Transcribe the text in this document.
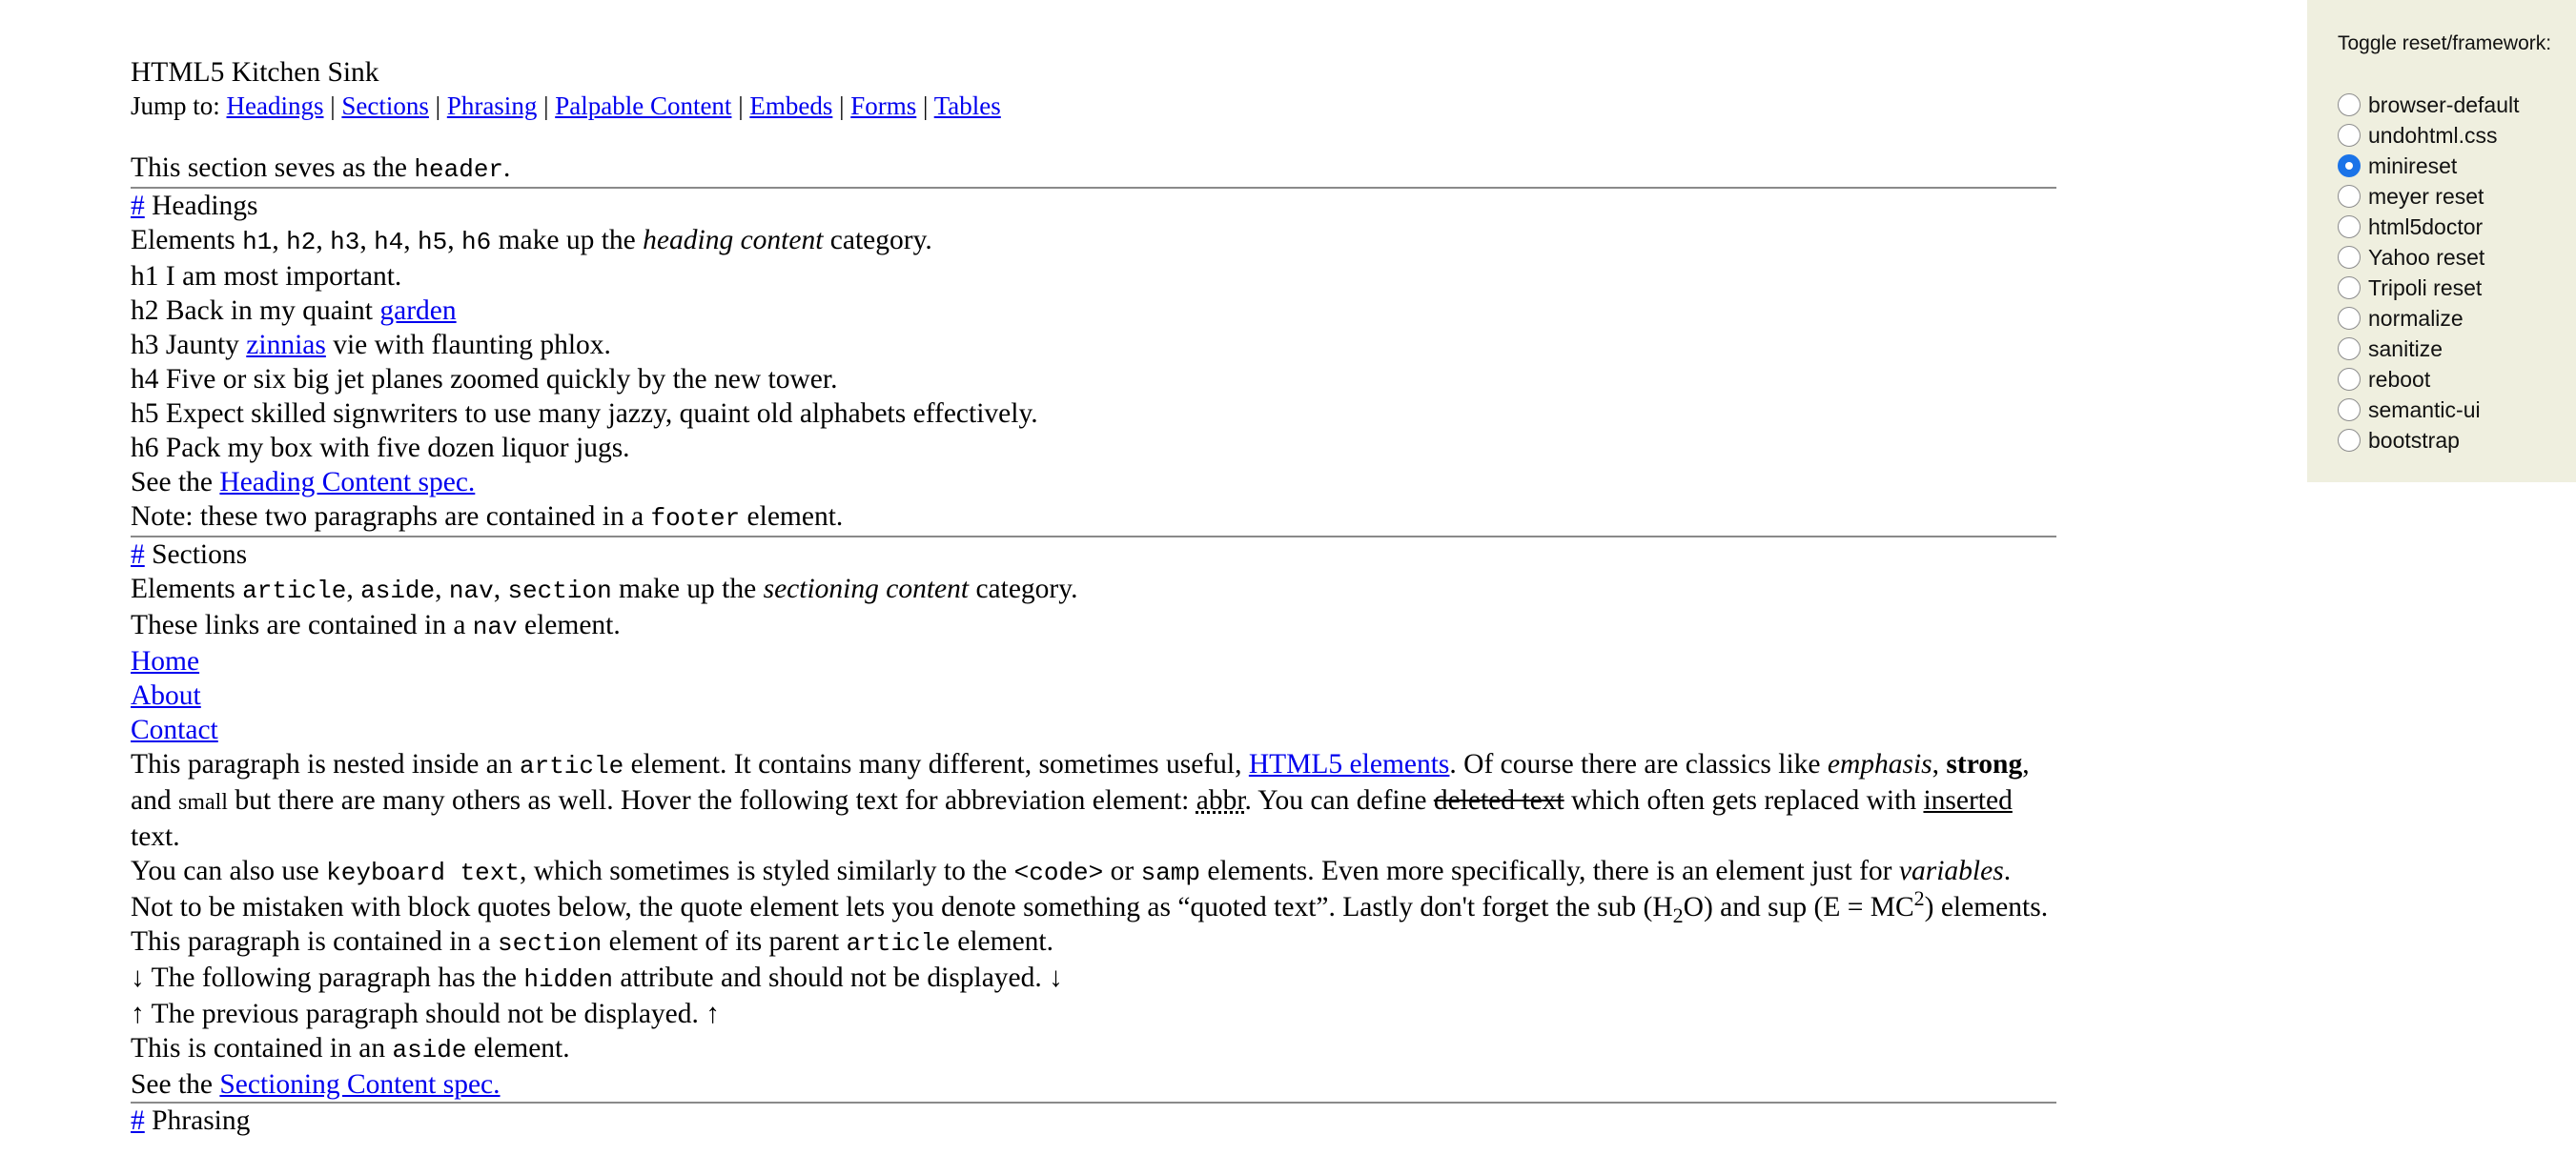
HTML5 Kitchen Sink
Jump to: Headings | Sections | Phrasing | Palpable Content | Embeds | Forms | Tables
This section seves as the header.
# Headings
Elements h1, h2, h3, h4, h5, h6 make up the heading content category.
h1 I am most important.
h2 Back in my quaint garden
h3 Jaunty zinnias vie with flaunting phlox.
h4 Five or six big jet planes zoomed quickly by the new tower.
h5 Expect skilled signwriters to use many jazzy, quaint old alphabets effectively.
h6 Pack my box with five dozen liquor jugs.
See the Heading Content spec.
Note: these two paragraphs are contained in a footer element.
# Sections
Elements article, aside, nav, section make up the sectioning content category.
These links are contained in a nav element.
Home
About
Contact
This paragraph is nested inside an article element. It contains many different, sometimes useful, HTML5 elements. Of course there are classics like emphasis, strong, and small but there are many others as well. Hover the following text for abbreviation element: abbr. You can define deleted text which often gets replaced with inserted text.
You can also use keyboard text, which sometimes is styled similarly to the <code> or samp elements. Even more specifically, there is an element just for variables. Not to be mistaken with block quotes below, the quote element lets you denote something as “quoted text”. Lastly don't forget the sub $(H_2O)$ and sup $(E = MC^2)$ elements.
This paragraph is contained in a section element of its parent article element.
↓ The following paragraph has the hidden attribute and should not be displayed. ↓
↑ The previous paragraph should not be displayed. ↑
This is contained in an aside element.
See the Sectioning Content spec.
# Phrasing
Toggle reset/framework:
browser-default
undohtml.css
minireset
meyer reset
html5doctor
Yahoo reset
Tripoli reset
normalize
sanitize
reboot
semantic-ui
bootstrap
